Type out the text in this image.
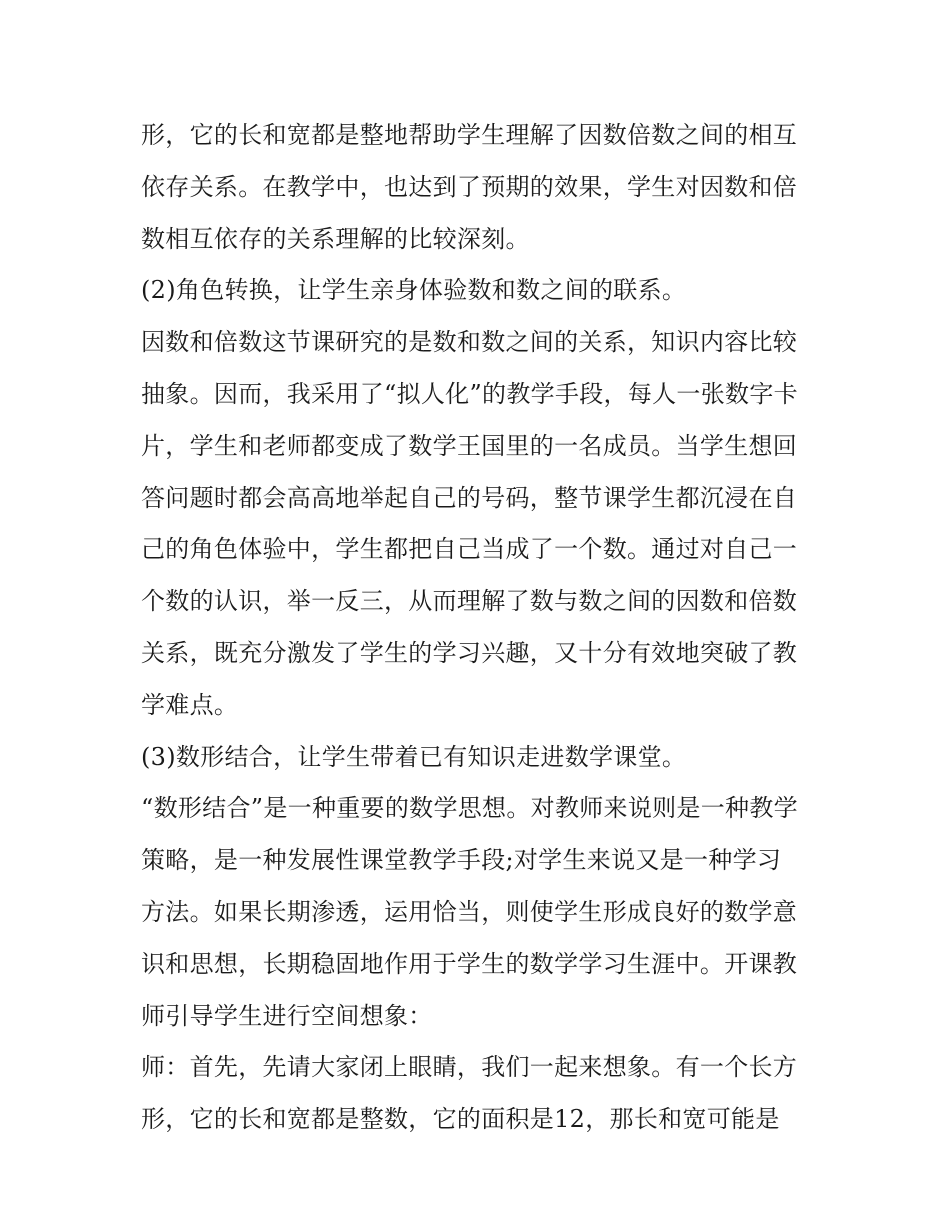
形，它的长和宽都是整地帮助学生理解了因数倍数之间的相互
依存关系。在教学中，也达到了预期的效果，学生对因数和倍
数相互依存的关系理解的比较深刻。
(2)角色转换，让学生亲身体验数和数之间的联系。
因数和倍数这节课研究的是数和数之间的关系，知识内容比较
抽象。因而，我采用了“拟人化”的教学手段，每人一张数字卡
片，学生和老师都变成了数学王国里的一名成员。当学生想回
答问题时都会高高地举起自己的号码，整节课学生都沉浸在自
己的角色体验中，学生都把自己当成了一个数。通过对自己一
个数的认识，举一反三，从而理解了数与数之间的因数和倍数
关系，既充分激发了学生的学习兴趣，又十分有效地突破了教
学难点。
(3)数形结合，让学生带着已有知识走进数学课堂。
“数形结合”是一种重要的数学思想。对教师来说则是一种教学
策略，是一种发展性课堂教学手段;对学生来说又是一种学习
方法。如果长期渗透，运用恰当，则使学生形成良好的数学意
识和思想，长期稳固地作用于学生的数学学习生涯中。开课教
师引导学生进行空间想象：
师：首先，先请大家闭上眼睛，我们一起来想象。有一个长方
形，它的长和宽都是整数，它的面积是12，那长和宽可能是
